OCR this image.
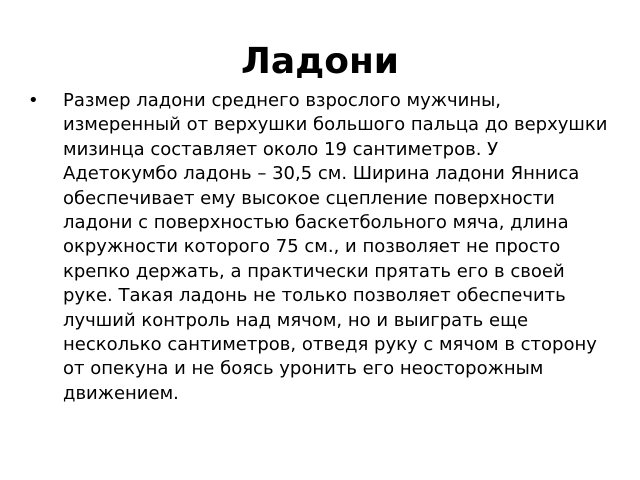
Ладони
• Размер ладони среднего взрослого мужчины, измеренный от верхушки большого пальца до верхушки мизинца составляет около 19 сантиметров. У Адетокумбо ладонь – 30,5 см. Ширина ладони Янниса обеспечивает ему высокое сцепление поверхности ладони с поверхностью баскетбольного мяча, длина окружности которого 75 см., и позволяет не просто крепко держать, а практически прятать его в своей руке. Такая ладонь не только позволяет обеспечить лучший контроль над мячом, но и выиграть еще несколько сантиметров, отведя руку с мячом в сторону от опекуна и не боясь уронить его неосторожным движением.
